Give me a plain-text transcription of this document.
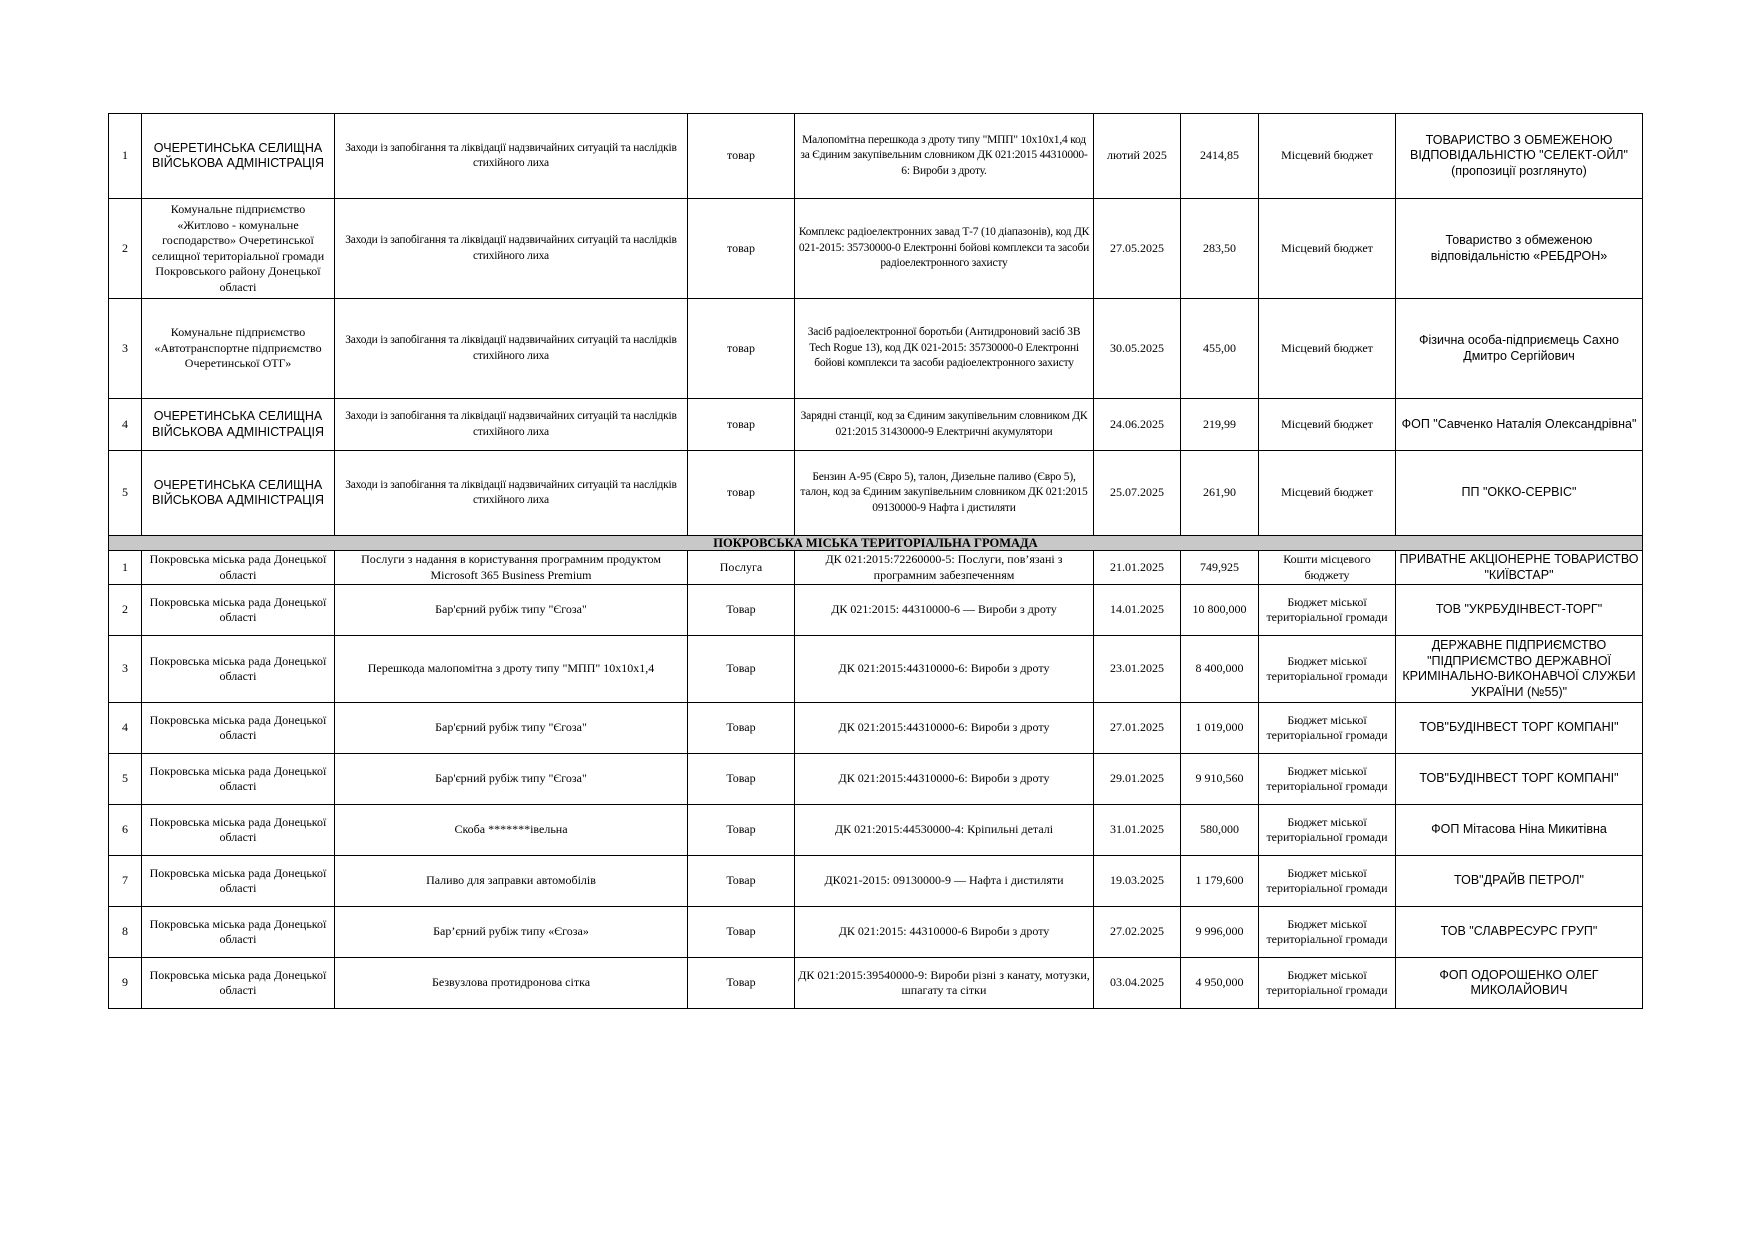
1	ОЧЕРЕТИНСЬКА СЕЛИЩНА ВІЙСЬКОВА АДМІНІСТРАЦІЯ	Заходи із запобігання та ліквідації надзвичайних ситуацій та наслідків стихійного лиха	товар	Малопомітна перешкода з дроту типу "МПП" 10х10х1,4 код за Єдиним закупівельним словником ДК 021:2015 44310000-6: Вироби з дроту.	лютий 2025	2414,85	Місцевий бюджет	ТОВАРИСТВО З ОБМЕЖЕНОЮ ВІДПОВІДАЛЬНІСТЮ "СЕЛЕКТ-ОЙЛ" (пропозиції розглянуто)
2	Комунальне підприємство «Житлово - комунальне господарство» Очеретинської селищної територіальної громади Покровського району Донецької області	Заходи із запобігання та ліквідації надзвичайних ситуацій та наслідків стихійного лиха	товар	Комплекс радіоелектронних завад Т-7 (10 діапазонів), код ДК 021-2015: 35730000-0 Електронні бойові комплекси та засоби радіоелектронного захисту	27.05.2025	283,50	Місцевий бюджет	Товариство з обмеженою відповідальністю «РЕБДРОН»
3	Комунальне підприємство «Автотранспортне підприємство Очеретинської ОТГ»	Заходи із запобігання та ліквідації надзвичайних ситуацій та наслідків стихійного лиха	товар	Засіб радіоелектронної боротьби (Антидроновий засіб 3B Tech Rogue 13), код ДК 021-2015: 35730000-0 Електронні бойові комплекси та засоби радіоелектронного захисту	30.05.2025	455,00	Місцевий бюджет	Фізична особа-підприємець Сахно Дмитро Сергійович
4	ОЧЕРЕТИНСЬКА СЕЛИЩНА ВІЙСЬКОВА АДМІНІСТРАЦІЯ	Заходи із запобігання та ліквідації надзвичайних ситуацій та наслідків стихійного лиха	товар	Зарядні станції, код за Єдиним закупівельним словником ДК 021:2015 31430000-9 Електричні акумулятори	24.06.2025	219,99	Місцевий бюджет	ФОП "Савченко Наталія Олександрівна"
5	ОЧЕРЕТИНСЬКА СЕЛИЩНА ВІЙСЬКОВА АДМІНІСТРАЦІЯ	Заходи із запобігання та ліквідації надзвичайних ситуацій та наслідків стихійного лиха	товар	Бензин А-95 (Євро 5), талон, Дизельне паливо (Євро 5), талон, код за Єдиним закупівельним словником ДК 021:2015 09130000-9 Нафта і дистиляти	25.07.2025	261,90	Місцевий бюджет	ПП "ОККО-СЕРВІС"
ПОКРОВСЬКА МІСЬКА ТЕРИТОРІАЛЬНА ГРОМАДА								
1	Покровська міська рада Донецької області	Послуги з надання в користування програмним продуктом Microsoft 365 Business Premium	Послуга	ДК 021:2015:72260000-5: Послуги, пов’язані з програмним забезпеченням	21.01.2025	749,925	Кошти місцевого бюджету	ПРИВАТНЕ АКЦІОНЕРНЕ ТОВАРИСТВО "КИЇВСТАР"
2	Покровська міська рада Донецької області	Бар'єрний рубіж типу "Єгоза"	Товар	ДК 021:2015: 44310000-6 — Вироби з дроту	14.01.2025	10 800,000	Бюджет міської територіальної громади	ТОВ "УКРБУДІНВЕСТ-ТОРГ"
3	Покровська міська рада Донецької області	Перешкода малопомітна з дроту типу "МПП" 10х10х1,4	Товар	ДК 021:2015:44310000-6: Вироби з дроту	23.01.2025	8 400,000	Бюджет міської територіальної громади	ДЕРЖАВНЕ ПІДПРИЄМСТВО "ПІДПРИЄМСТВО ДЕРЖАВНОЇ КРИМІНАЛЬНО-ВИКОНАВЧОЇ СЛУЖБИ УКРАЇНИ (№55)"
4	Покровська міська рада Донецької області	Бар'єрний рубіж типу "Єгоза"	Товар	ДК 021:2015:44310000-6: Вироби з дроту	27.01.2025	1 019,000	Бюджет міської територіальної громади	ТОВ"БУДІНВЕСТ ТОРГ КОМПАНІ"
5	Покровська міська рада Донецької області	Бар'єрний рубіж типу "Єгоза"	Товар	ДК 021:2015:44310000-6: Вироби з дроту	29.01.2025	9 910,560	Бюджет міської територіальної громади	ТОВ"БУДІНВЕСТ ТОРГ КОМПАНІ"
6	Покровська міська рада Донецької області	Скоба *******івельна	Товар	ДК 021:2015:44530000-4: Кріпильні деталі	31.01.2025	580,000	Бюджет міської територіальної громади	ФОП Мітасова Ніна Микитівна
7	Покровська міська рада Донецької області	Паливо для заправки автомобілів	Товар	ДК021-2015: 09130000-9 — Нафта і дистиляти	19.03.2025	1 179,600	Бюджет міської територіальної громади	ТОВ"ДРАЙВ ПЕТРОЛ"
8	Покровська міська рада Донецької області	Бар’єрний рубіж типу «Єгоза»	Товар	ДК 021:2015: 44310000-6 Вироби з дроту	27.02.2025	9 996,000	Бюджет міської територіальної громади	ТОВ "СЛАВРЕСУРС ГРУП"
9	Покровська міська рада Донецької області	Безвузлова протидронова сітка	Товар	ДК 021:2015:39540000-9: Вироби різні з канату, мотузки, шпагату та сітки	03.04.2025	4 950,000	Бюджет міської територіальної громади	ФОП ОДОРОШЕНКО ОЛЕГ МИКОЛАЙОВИЧ
